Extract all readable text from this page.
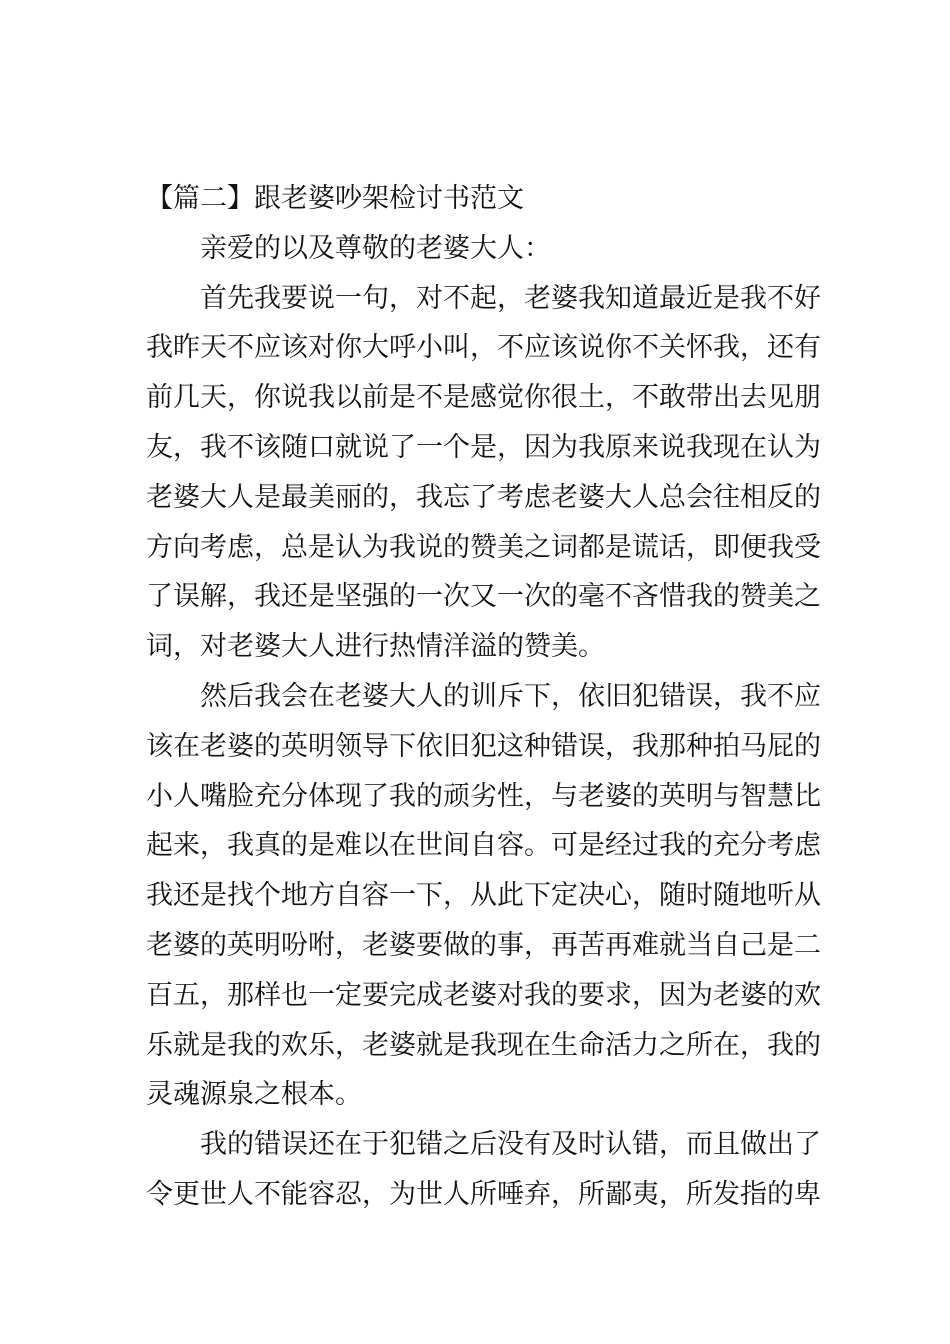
【篇二】跟老婆吵架检讨书范文

亲爱的以及尊敬的老婆大人：

首先我要说一句，对不起，老婆我知道最近是我不好
我昨天不应该对你大呼小叫，不应该说你不关怀我，还有
前几天，你说我以前是不是感觉你很土，不敢带出去见朋
友，我不该随口就说了一个是，因为我原来说我现在认为
老婆大人是最美丽的，我忘了考虑老婆大人总会往相反的
方向考虑，总是认为我说的赞美之词都是谎话，即便我受
了误解，我还是坚强的一次又一次的毫不吝惜我的赞美之
词，对老婆大人进行热情洋溢的赞美。
然后我会在老婆大人的训斥下，依旧犯错误，我不应
该在老婆的英明领导下依旧犯这种错误，我那种拍马屁的
小人嘴脸充分体现了我的顽劣性，与老婆的英明与智慧比
起来，我真的是难以在世间自容。可是经过我的充分考虑
我还是找个地方自容一下，从此下定决心，随时随地听从
老婆的英明吩咐，老婆要做的事，再苦再难就当自己是二
百五，那样也一定要完成老婆对我的要求，因为老婆的欢
乐就是我的欢乐，老婆就是我现在生命活力之所在，我的
灵魂源泉之根本。
我的错误还在于犯错之后没有及时认错，而且做出了
令更世人不能容忍，为世人所唾弃，所鄙夷，所发指的卑
